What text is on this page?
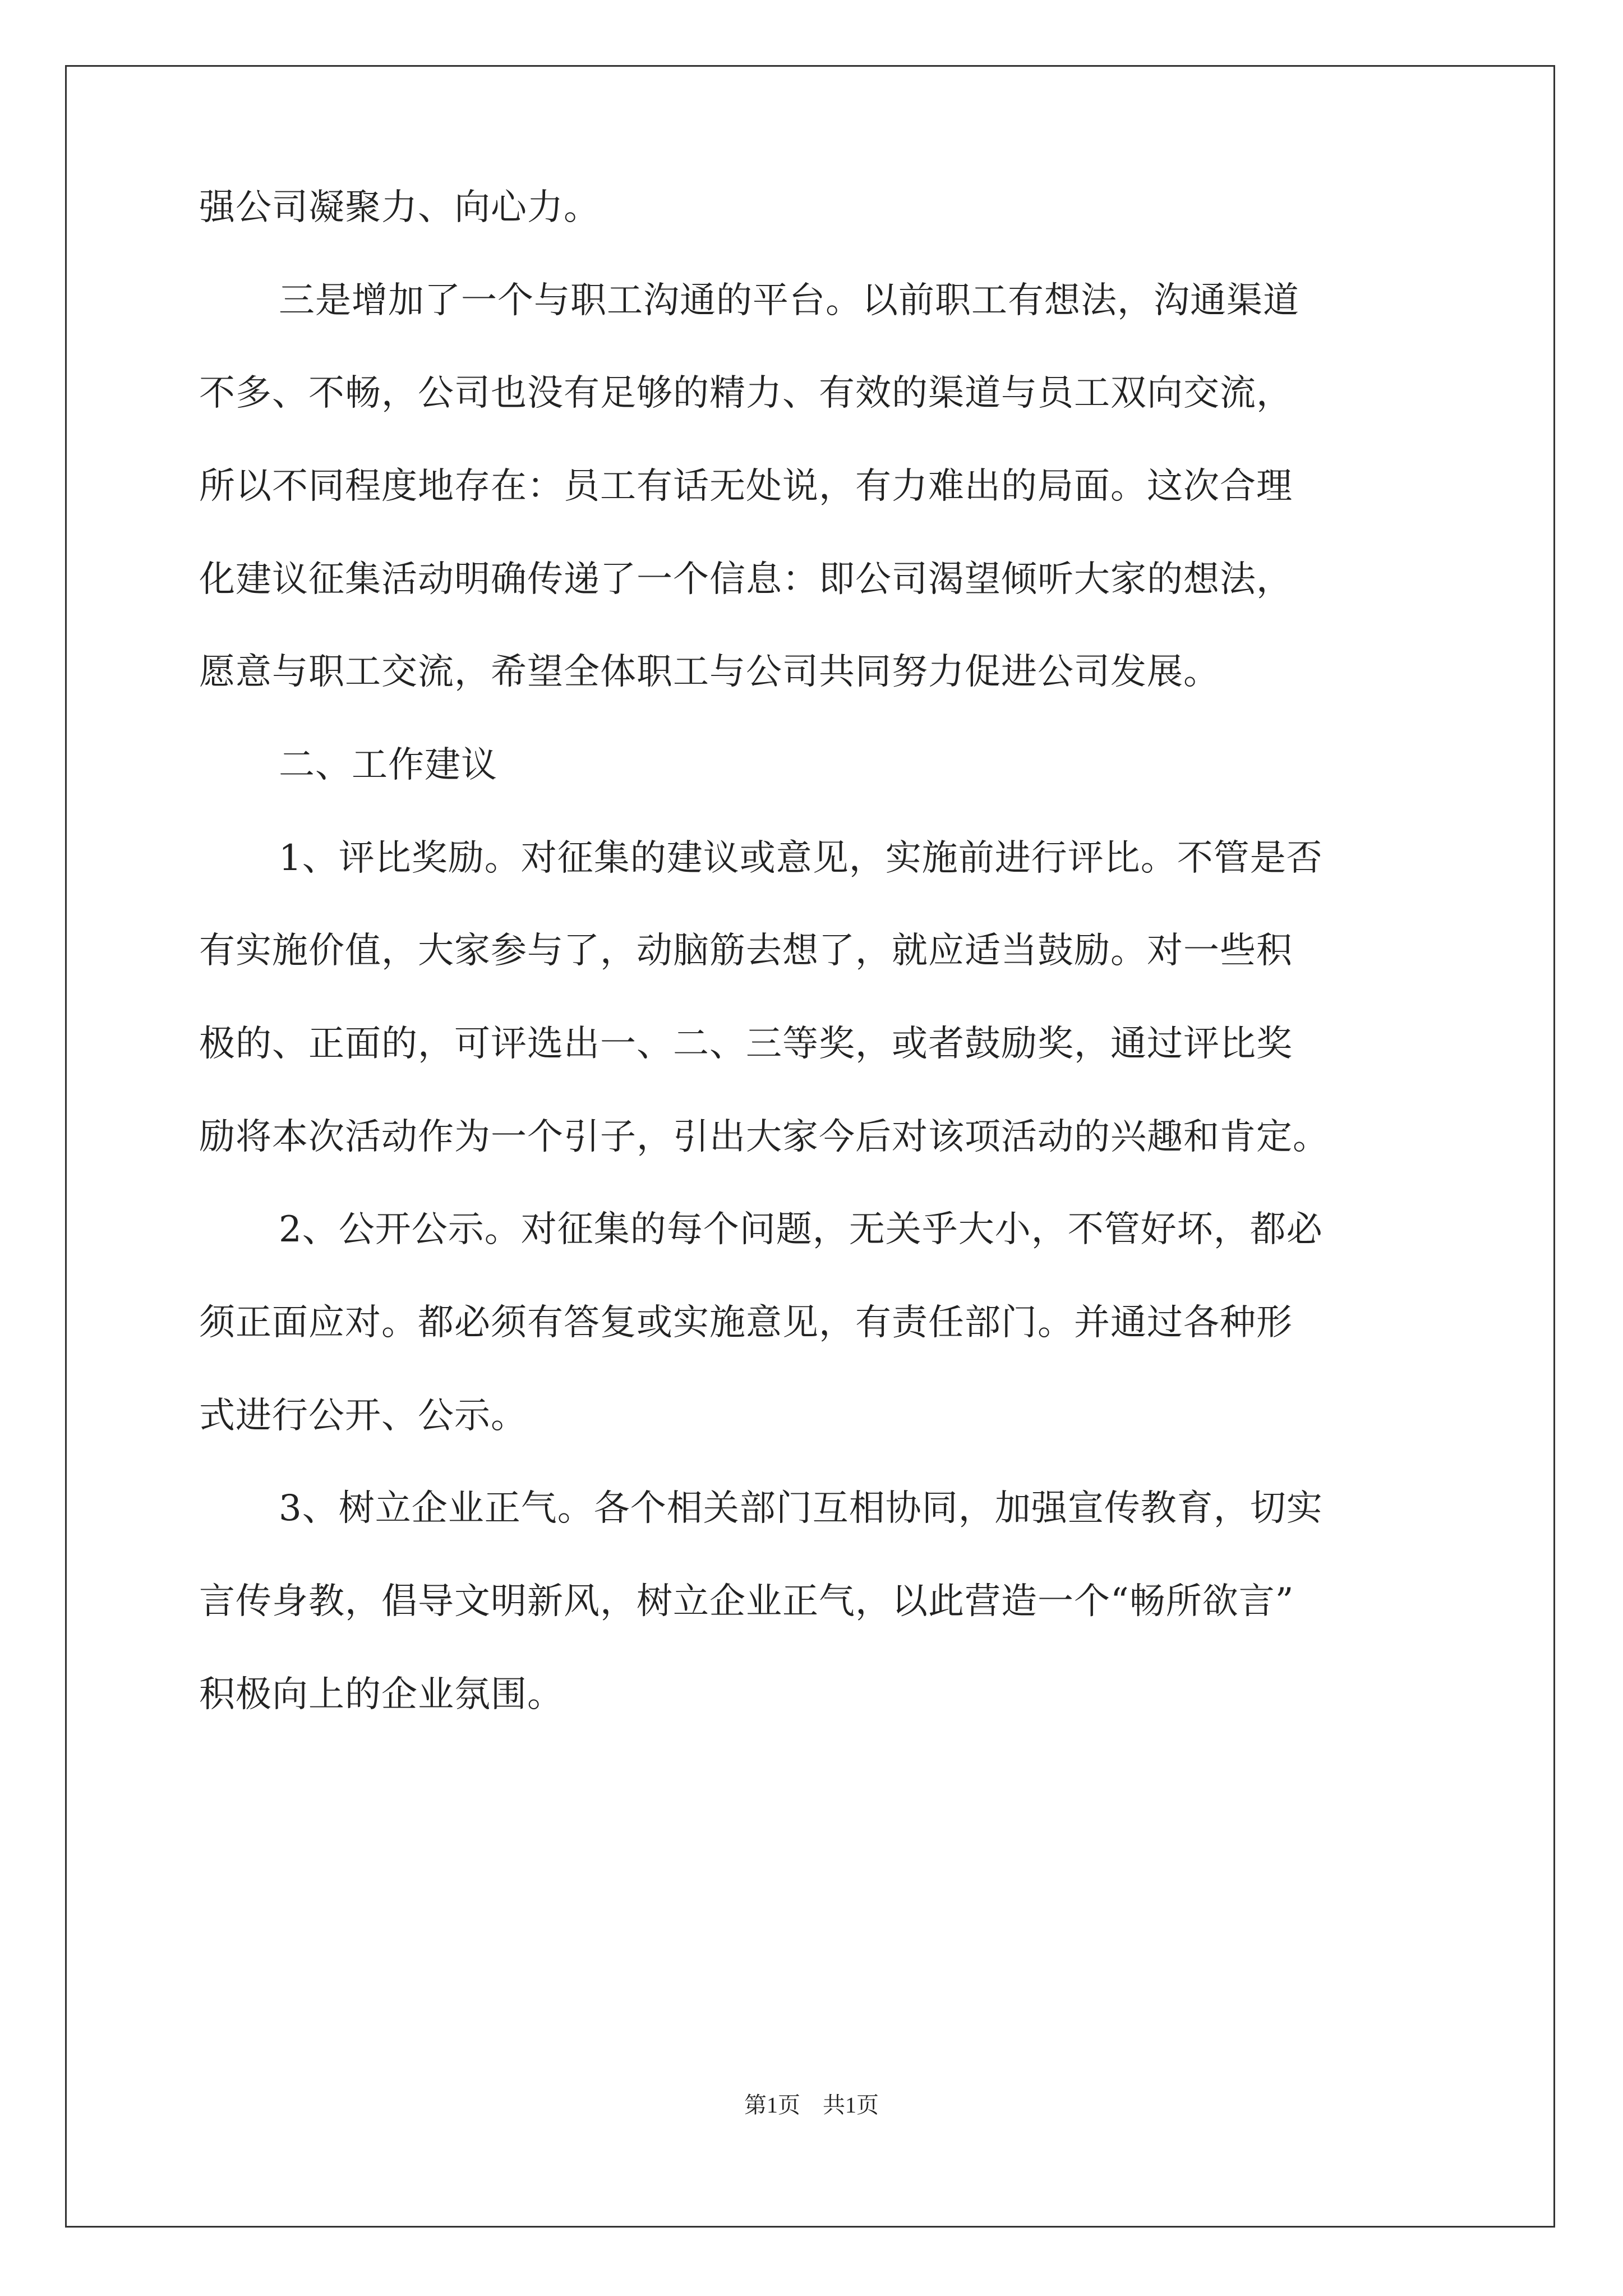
强公司凝聚力、向心力。
三是增加了一个与职工沟通的平台。以前职工有想法，沟通渠道
不多、不畅，公司也没有足够的精力、有效的渠道与员工双向交流，
所以不同程度地存在：员工有话无处说，有力难出的局面。这次合理
化建议征集活动明确传递了一个信息：即公司渴望倾听大家的想法，
愿意与职工交流，希望全体职工与公司共同努力促进公司发展。
二、工作建议
1、评比奖励。对征集的建议或意见，实施前进行评比。不管是否
有实施价值，大家参与了，动脑筋去想了，就应适当鼓励。对一些积
极的、正面的，可评选出一、二、三等奖，或者鼓励奖，通过评比奖
励将本次活动作为一个引子，引出大家今后对该项活动的兴趣和肯定。
2、公开公示。对征集的每个问题，无关乎大小，不管好坏，都必
须正面应对。都必须有答复或实施意见，有责任部门。并通过各种形
式进行公开、公示。
3、树立企业正气。各个相关部门互相协同，加强宣传教育，切实
言传身教，倡导文明新风，树立企业正气，以此营造一个“畅所欲言”
积极向上的企业氛围。
第1页　共1页
